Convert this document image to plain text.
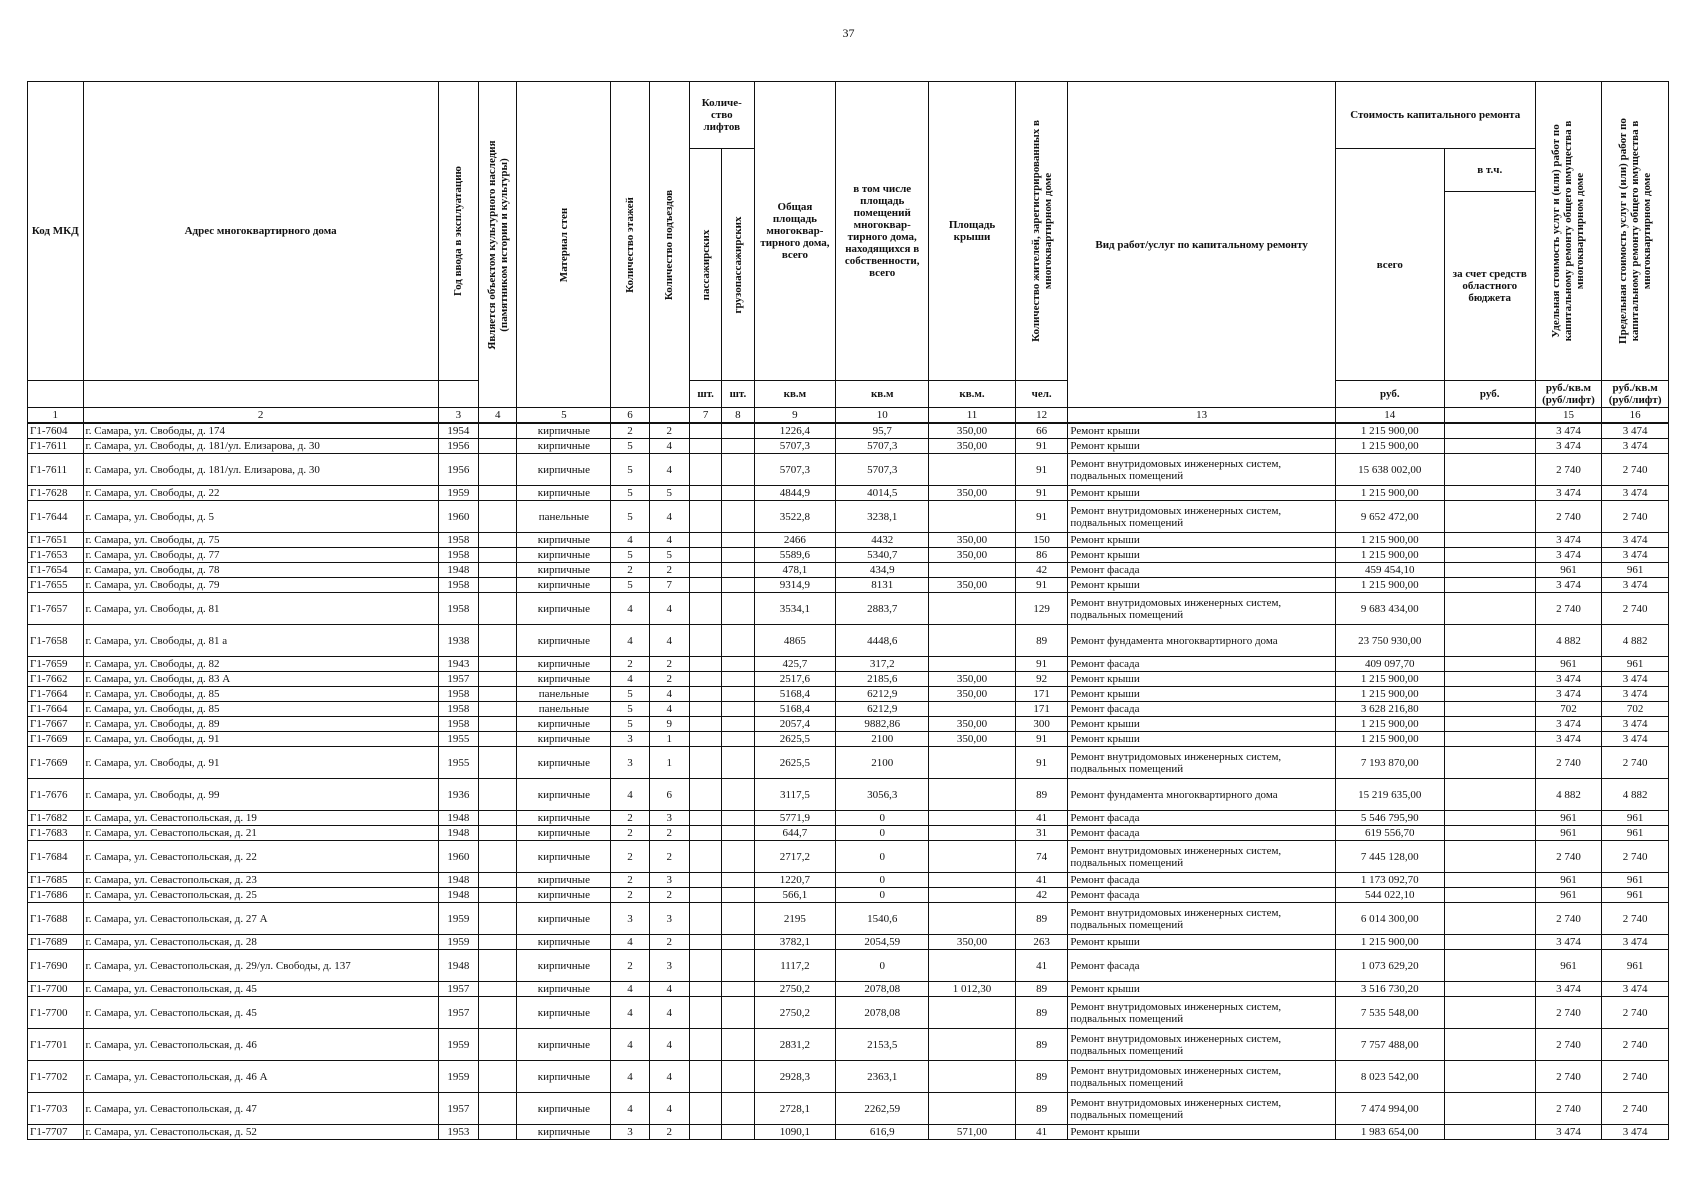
37
Код МКД	Адрес многоквартирного дома	Год ввода в эксплуатацию	Является объектом культурного наследия (памятником истории и культуры)	Материал стен	Количество этажей	Количество подъездов	Количе-ство лифтов		Общая площадь многоквар-тирного дома, всего	в том числе площадь помещений многоквар-тирного дома, находящихся в собственности, всего	Площадь крыши	Количество жителей, зарегистрированных в многоквартирном доме	Вид работ/услуг по капитальному ремонту	Стоимость капитального ремонта		Удельная стоимость услуг и (или) работ по капитальному ремонту общего имущества в многоквартирном доме	Предельная стоимость услуг и (или) работ по капитальному ремонту общего имущества в многоквартирном доме

							пассажирских	грузопассажирских						всего	в т.ч.		
															за счет средств областного бюджета		
							шт.	шт.	кв.м	кв.м	кв.м.	чел.		руб.	руб.	руб./кв.м (руб/лифт)	руб./кв.м (руб/лифт)
1	2	3	4	5	6		7	8	9	10	11	12	13	14		15	16
Г1-7604	г. Самара, ул. Свободы, д. 174	1954		кирпичные	2	2			1226,4	95,7	350,00	66	Ремонт крыши	1 215 900,00		3 474	3 474
Г1-7611	г. Самара, ул. Свободы, д. 181/ул. Елизарова, д. 30	1956		кирпичные	5	4			5707,3	5707,3	350,00	91	Ремонт крыши	1 215 900,00		3 474	3 474
Г1-7611	г. Самара, ул. Свободы, д. 181/ул. Елизарова, д. 30	1956		кирпичные	5	4			5707,3	5707,3		91	Ремонт внутридомовых инженерных систем, подвальных помещений	15 638 002,00		2 740	2 740
Г1-7628	г. Самара, ул. Свободы, д. 22	1959		кирпичные	5	5			4844,9	4014,5	350,00	91	Ремонт крыши	1 215 900,00		3 474	3 474
Г1-7644	г. Самара, ул. Свободы, д. 5	1960		панельные	5	4			3522,8	3238,1		91	Ремонт внутридомовых инженерных систем, подвальных помещений	9 652 472,00		2 740	2 740
Г1-7651	г. Самара, ул. Свободы, д. 75	1958		кирпичные	4	4			2466	4432	350,00	150	Ремонт крыши	1 215 900,00		3 474	3 474
Г1-7653	г. Самара, ул. Свободы, д. 77	1958		кирпичные	5	5			5589,6	5340,7	350,00	86	Ремонт крыши	1 215 900,00		3 474	3 474
Г1-7654	г. Самара, ул. Свободы, д. 78	1948		кирпичные	2	2			478,1	434,9		42	Ремонт фасада	459 454,10		961	961
Г1-7655	г. Самара, ул. Свободы, д. 79	1958		кирпичные	5	7			9314,9	8131	350,00	91	Ремонт крыши	1 215 900,00		3 474	3 474
Г1-7657	г. Самара, ул. Свободы, д. 81	1958		кирпичные	4	4			3534,1	2883,7		129	Ремонт внутридомовых инженерных систем, подвальных помещений	9 683 434,00		2 740	2 740
Г1-7658	г. Самара, ул. Свободы, д. 81 а	1938		кирпичные	4	4			4865	4448,6		89	Ремонт фундамента многоквартирного дома	23 750 930,00		4 882	4 882
Г1-7659	г. Самара, ул. Свободы, д. 82	1943		кирпичные	2	2			425,7	317,2		91	Ремонт фасада	409 097,70		961	961
Г1-7662	г. Самара, ул. Свободы, д. 83 А	1957		кирпичные	4	2			2517,6	2185,6	350,00	92	Ремонт крыши	1 215 900,00		3 474	3 474
Г1-7664	г. Самара, ул. Свободы, д. 85	1958		панельные	5	4			5168,4	6212,9	350,00	171	Ремонт крыши	1 215 900,00		3 474	3 474
Г1-7664	г. Самара, ул. Свободы, д. 85	1958		панельные	5	4			5168,4	6212,9		171	Ремонт фасада	3 628 216,80		702	702
Г1-7667	г. Самара, ул. Свободы, д. 89	1958		кирпичные	5	9			2057,4	9882,86	350,00	300	Ремонт крыши	1 215 900,00		3 474	3 474
Г1-7669	г. Самара, ул. Свободы, д. 91	1955		кирпичные	3	1			2625,5	2100	350,00	91	Ремонт крыши	1 215 900,00		3 474	3 474
Г1-7669	г. Самара, ул. Свободы, д. 91	1955		кирпичные	3	1			2625,5	2100		91	Ремонт внутридомовых инженерных систем, подвальных помещений	7 193 870,00		2 740	2 740
Г1-7676	г. Самара, ул. Свободы, д. 99	1936		кирпичные	4	6			3117,5	3056,3		89	Ремонт фундамента многоквартирного дома	15 219 635,00		4 882	4 882
Г1-7682	г. Самара, ул. Севастопольская, д. 19	1948		кирпичные	2	3			5771,9	0		41	Ремонт фасада	5 546 795,90		961	961
Г1-7683	г. Самара, ул. Севастопольская, д. 21	1948		кирпичные	2	2			644,7	0		31	Ремонт фасада	619 556,70		961	961
Г1-7684	г. Самара, ул. Севастопольская, д. 22	1960		кирпичные	2	2			2717,2	0		74	Ремонт внутридомовых инженерных систем, подвальных помещений	7 445 128,00		2 740	2 740
Г1-7685	г. Самара, ул. Севастопольская, д. 23	1948		кирпичные	2	3			1220,7	0		41	Ремонт фасада	1 173 092,70		961	961
Г1-7686	г. Самара, ул. Севастопольская, д. 25	1948		кирпичные	2	2			566,1	0		42	Ремонт фасада	544 022,10		961	961
Г1-7688	г. Самара, ул. Севастопольская, д. 27 А	1959		кирпичные	3	3			2195	1540,6		89	Ремонт внутридомовых инженерных систем, подвальных помещений	6 014 300,00		2 740	2 740
Г1-7689	г. Самара, ул. Севастопольская, д. 28	1959		кирпичные	4	2			3782,1	2054,59	350,00	263	Ремонт крыши	1 215 900,00		3 474	3 474
Г1-7690	г. Самара, ул. Севастопольская, д. 29/ул. Свободы, д. 137	1948		кирпичные	2	3			1117,2	0		41	Ремонт фасада	1 073 629,20		961	961
Г1-7700	г. Самара, ул. Севастопольская, д. 45	1957		кирпичные	4	4			2750,2	2078,08	1 012,30	89	Ремонт крыши	3 516 730,20		3 474	3 474
Г1-7700	г. Самара, ул. Севастопольская, д. 45	1957		кирпичные	4	4			2750,2	2078,08		89	Ремонт внутридомовых инженерных систем, подвальных помещений	7 535 548,00		2 740	2 740
Г1-7701	г. Самара, ул. Севастопольская, д. 46	1959		кирпичные	4	4			2831,2	2153,5		89	Ремонт внутридомовых инженерных систем, подвальных помещений	7 757 488,00		2 740	2 740
Г1-7702	г. Самара, ул. Севастопольская, д. 46 А	1959		кирпичные	4	4			2928,3	2363,1		89	Ремонт внутридомовых инженерных систем, подвальных помещений	8 023 542,00		2 740	2 740
Г1-7703	г. Самара, ул. Севастопольская, д. 47	1957		кирпичные	4	4			2728,1	2262,59		89	Ремонт внутридомовых инженерных систем, подвальных помещений	7 474 994,00		2 740	2 740
Г1-7707	г. Самара, ул. Севастопольская, д. 52	1953		кирпичные	3	2			1090,1	616,9	571,00	41	Ремонт крыши	1 983 654,00		3 474	3 474
